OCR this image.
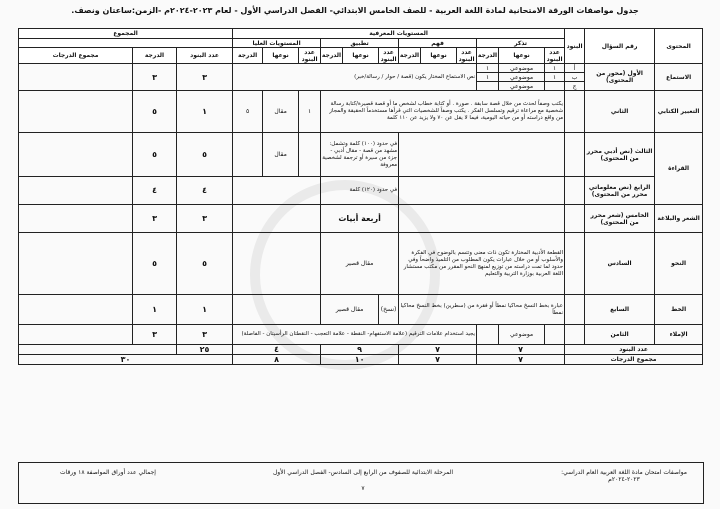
جدول مواصفات الورقة الامتحانية لمادة اللغة العربية - للصف الخامس الابتدائي- الفصل الدراسي الأول - لعام ٢٠٢٣-٢٠٢٤م -الزمن:ساعتان ونصف.
المحتوى	رقم السؤال	البنود	المستويات المعرفية												المجموع		
			تذكر			فهم			تطبيق			المستويات العليا					
			عدد البنود	نوعها	الدرجة	عدد البنود	نوعها	الدرجة	عدد البنود	نوعها	الدرجة	عدد البنود	نوعها	الدرجة	عدد البنود	الدرجة	مجموع الدرجات
الاستماع	الأول (محور من المحتوى)	أ	١	موضوعي	١	نص الاستماع المختار يكون (قصة / حوار / رسالة/خبر)									٣	٣	
		ب	١	موضوعي	١												
		ج		موضوعي													
التعبير الكتابي	الثاني		يكتب وصفاً لحدث من خلال قصة سابقة . صورة . أو كتابة خطاب لشخص ما أو قصة قصيرة/كتابة رسالة شخصية مع مراعاة ترقيم وتسلسل الفكر . يكتب وصفاً للشخصيات التي قرأها مستخدماً الحقيقة والمجاز من واقع دراسته أو من حياته اليومية، فيما لا يقل عن ٧٠ ولا يزيد عن ١١٠ كلمة									١	مقال	٥	١	٥	
القراءة	الثالث (نص أدبي محرر من المحتوى)								في حدود (١٠٠) كلمة وتشمل: مشهد من قصة - مقال أدبي - جزء من سيرة أو ترجمة لشخصية معروفة				مقال		٥	٥	
	الرابع (نص معلوماتي محرر من المحتوى)								في حدود (١٢٠) كلمة						٤	٤	
الشعر والبلاغة	الخامس (شعر محرر من المحتوى)								أربعة أبيات						٣	٣	
النحو	السادس		القطعة الأدبية المختارة تكون ذات معنى وتتسم بالوضوح في الفكرة والأسلوب أو من خلال عبارات يكون المطلوب من التلميذ واضحاً وفي حدود لما تمت دراسته من توزيع لمنهج النحو المقرر من مكتب مستشار اللغة العربية بوزارة التربية والتعليم						مقال قصير						٥	٥	
الخط	السابع		عبارة بخط النسخ محاكيا نمطاً أو فقرة من (سطرين) بخط النسخ محاكيا نمطاً						(نسخ)	مقال قصير					١	١	
الإملاء	الثامن			موضوعي		يجيد استخدام علامات الترقيم (علامة الاستفهام- النقطة - علامة التعجب - النقطتان الرأسيتان - الفاصلة)									٣	٣	
عدد البنود			٧			٧			٩			٤			٢٥		
مجموع الدرجات			٧			٧			١٠			٨			٣٠		
مواصفات امتحان مادة اللغة العربية العام الدراسي: ٢٠٢٣-٢٠٢٤م
المرحلة الابتدائية للصفوف من الرابع إلى السادس- الفصل الدراسي الأول
٧
إجمالي عدد أوراق المواصفة ١٨ ورقات
